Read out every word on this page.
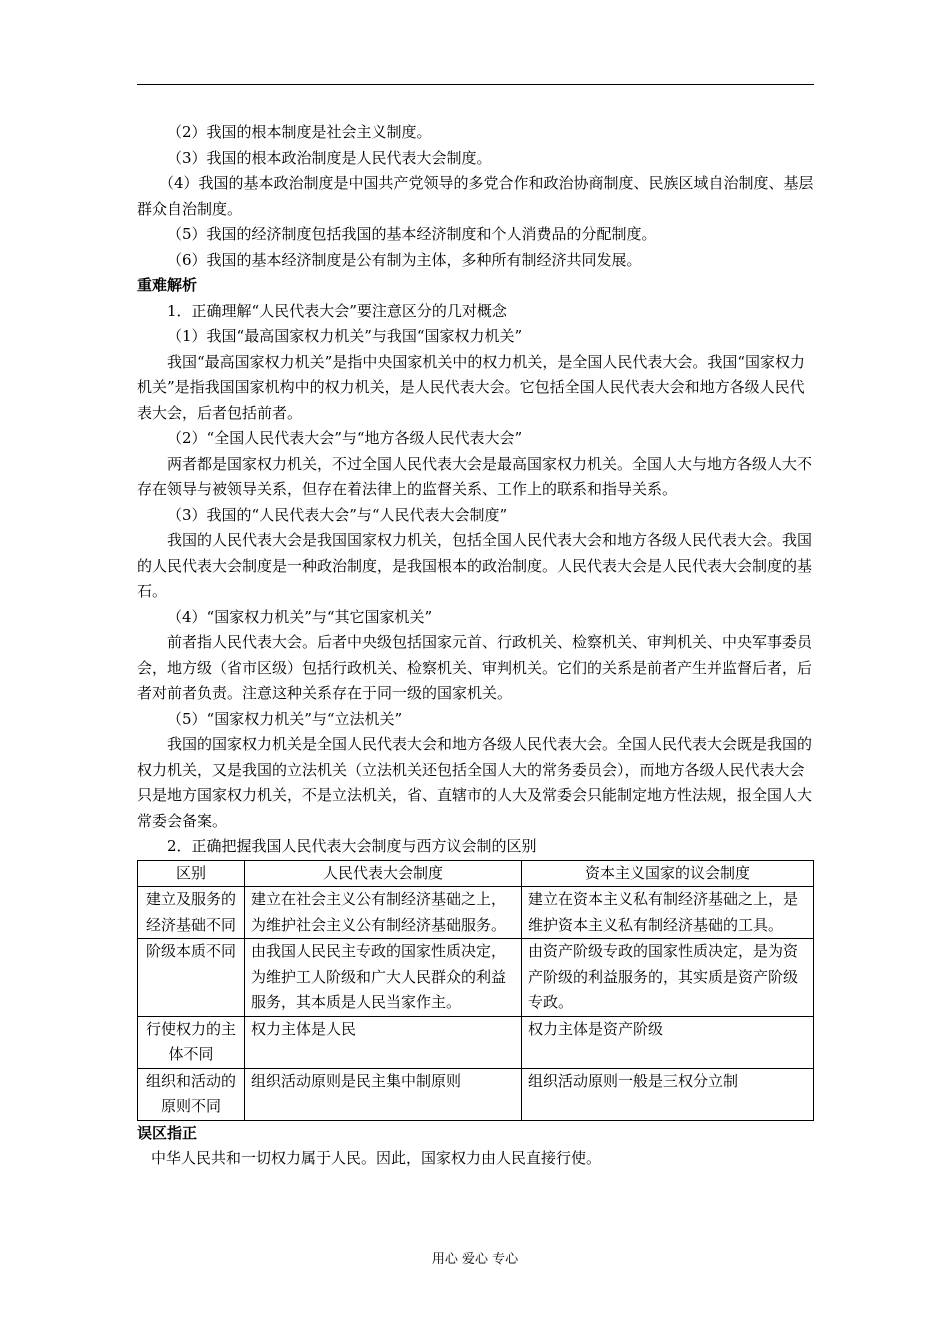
（2）我国的根本制度是社会主义制度。

（3）我国的根本政治制度是人民代表大会制度。

（4）我国的基本政治制度是中国共产党领导的多党合作和政治协商制度、民族区域自治制度、基层群众自治制度。

（5）我国的经济制度包括我国的基本经济制度和个人消费品的分配制度。

（6）我国的基本经济制度是公有制为主体，多种所有制经济共同发展。

重难解析

1．正确理解“人民代表大会”要注意区分的几对概念

（1）我国“最高国家权力机关”与我国“国家权力机关”

我国“最高国家权力机关”是指中央国家机关中的权力机关，是全国人民代表大会。我国“国家权力机关”是指我国国家机构中的权力机关，是人民代表大会。它包括全国人民代表大会和地方各级人民代表大会，后者包括前者。

（2）“全国人民代表大会”与“地方各级人民代表大会”

两者都是国家权力机关，不过全国人民代表大会是最高国家权力机关。全国人大与地方各级人大不存在领导与被领导关系，但存在着法律上的监督关系、工作上的联系和指导关系。

（3）我国的“人民代表大会”与“人民代表大会制度”

我国的人民代表大会是我国国家权力机关，包括全国人民代表大会和地方各级人民代表大会。我国的人民代表大会制度是一种政治制度，是我国根本的政治制度。人民代表大会是人民代表大会制度的基石。

（4）“国家权力机关”与“其它国家机关”

前者指人民代表大会。后者中央级包括国家元首、行政机关、检察机关、审判机关、中央军事委员会，地方级（省市区级）包括行政机关、检察机关、审判机关。它们的关系是前者产生并监督后者，后者对前者负责。注意这种关系存在于同一级的国家机关。

（5）“国家权力机关”与“立法机关”

我国的国家权力机关是全国人民代表大会和地方各级人民代表大会。全国人民代表大会既是我国的权力机关，又是我国的立法机关（立法机关还包括全国人大的常务委员会），而地方各级人民代表大会只是地方国家权力机关，不是立法机关，省、直辖市的人大及常委会只能制定地方性法规，报全国人大常委会备案。

2．正确把握我国人民代表大会制度与西方议会制的区别

区别	人民代表大会制度	资本主义国家的议会制度
建立及服务的经济基础不同	建立在社会主义公有制经济基础之上，为维护社会主义公有制经济基础服务。	建立在资本主义私有制经济基础之上，是维护资本主义私有制经济基础的工具。
阶级本质不同	由我国人民民主专政的国家性质决定，为维护工人阶级和广大人民群众的利益服务，其本质是人民当家作主。	由资产阶级专政的国家性质决定，是为资产阶级的利益服务的，其实质是资产阶级专政。
行使权力的主体不同	权力主体是人民	权力主体是资产阶级
组织和活动的原则不同	组织活动原则是民主集中制原则	组织活动原则一般是三权分立制
误区指正

中华人民共和一切权力属于人民。因此，国家权力由人民直接行使。

用心 爱心 专心
